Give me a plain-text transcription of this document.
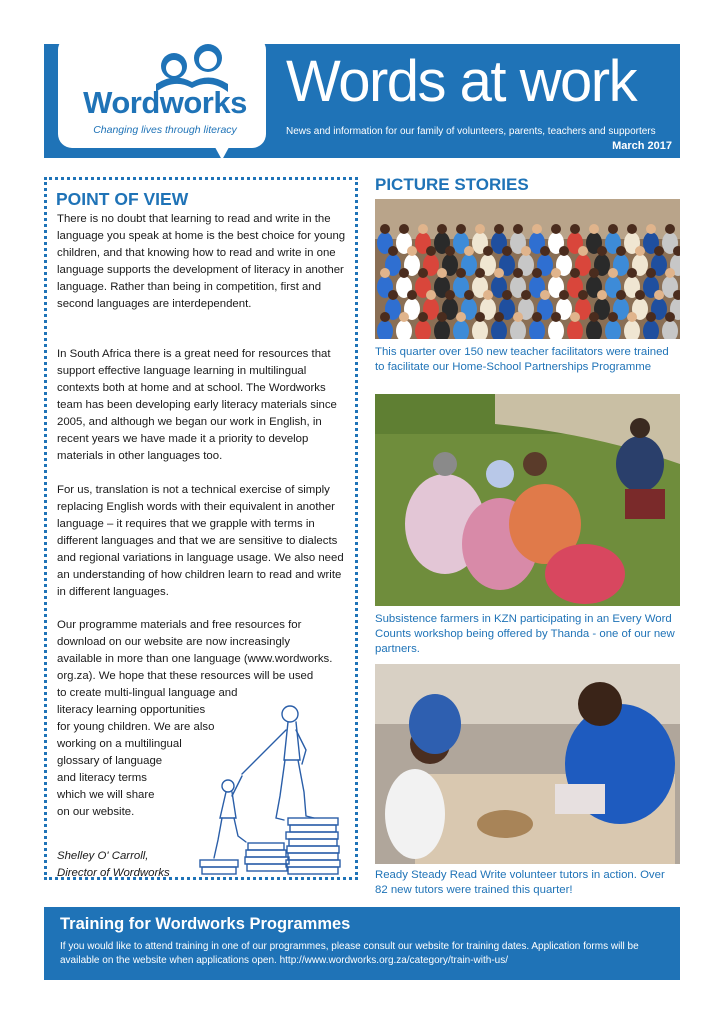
Wordworks
Changing lives through literacy
Words at work
News and information for our family of volunteers, parents, teachers and supporters
March 2017
POINT OF VIEW
There is no doubt that learning to read and write in the language you speak at home is the best choice for young children, and that knowing how to read and write in one language supports the development of literacy in another language. Rather than being in competition, first and second languages are interdependent.
In South Africa there is a great need for resources that support effective language learning in multilingual contexts both at home and at school. The Wordworks team has been developing early literacy materials since 2005, and although we began our work in English, in recent years we have made it a priority to develop materials in other languages too.
For us, translation is not a technical exercise of simply replacing English words with their equivalent in another language – it requires that we grapple with terms in different languages and that we are sensitive to dialects and regional variations in language usage. We also need an understanding of how children learn to read and write in different languages.
Our programme materials and free resources for
download on our website are now increasingly
available in more than one language (www.wordworks.
org.za). We hope that these resources will be used
to create multi-lingual language and
literacy learning opportunities
for young children. We are also
working on a multilingual
glossary of language
and literacy terms
which we will share
on our website.
Shelley O' Carroll,
Director of Wordworks
PICTURE STORIES
This quarter over 150 new teacher facilitators were trained to facilitate our Home-School Partnerships Programme
Subsistence farmers in KZN participating in an Every Word Counts workshop being offered by Thanda - one of our new partners.
Ready Steady Read Write volunteer tutors in action. Over 82 new tutors were trained this quarter!
Training for Wordworks Programmes
If you would like to attend training in one of our programmes, please consult our website for training dates. Application forms will be available on the website when applications open. http://www.wordworks.org.za/category/train-with-us/
